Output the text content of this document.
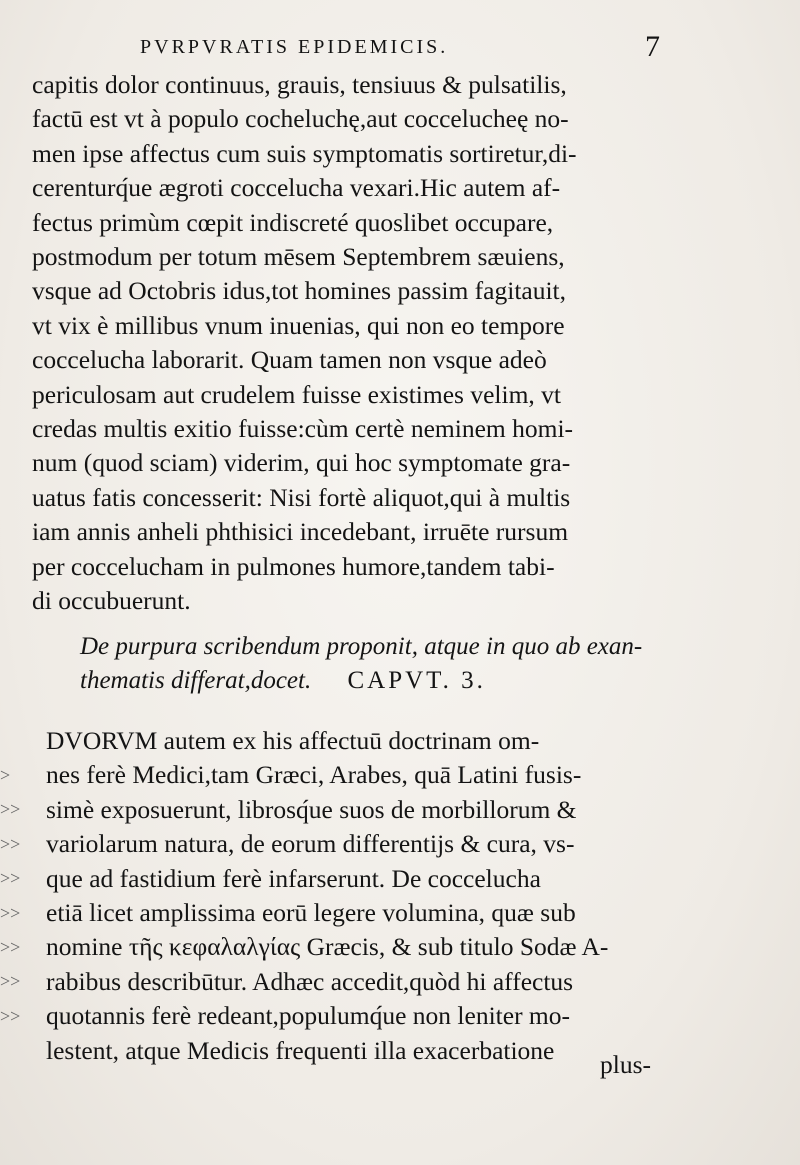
PVRPVRATIS EPIDEMICIS.	7
capitis dolor continuus, grauis, tensiuus & pulsatilis,
factū est vt à populo cocheluchę,aut coccelucheę no-
men ipse affectus cum suis symptomatis sortiretur,di-
cerenturq́ue ægroti coccelucha vexari.Hic autem af-
fectus primùm cœpit indiscreté quoslibet occupare,
postmodum per totum mēsem Septembrem sæuiens,
vsque ad Octobris idus,tot homines passim fagitauit,
vt vix è millibus vnum inuenias, qui non eo tempore
coccelucha laborarit. Quam tamen non vsque adeò
periculosam aut crudelem fuisse existimes velim, vt
credas multis exitio fuisse:cùm certè neminem homi-
num (quod sciam) viderim, qui hoc symptomate gra-
uatus fatis concesserit: Nisi fortè aliquot,qui à multis
iam annis anheli phthisici incedebant, irruēte rursum
per coccelucham in pulmones humore,tandem tabi-
di occubuerunt.
De purpura scribendum proponit, atque in quo ab exan-
thematis differat,docet. CAPVT. 3.
>
>>
>>
>>
>>
>>
>>
>>
DVORVM autem ex his affectuū doctrinam om-
nes ferè Medici,tam Græci, Arabes, quā Latini fusis-
simè exposuerunt, librosq́ue suos de morbillorum &
variolarum natura, de eorum differentijs & cura, vs-
que ad fastidium ferè infarserunt. De coccelucha
etiā licet amplissima eorū legere volumina, quæ sub
nomine τῆς κεφαλαλγίας Græcis, & sub titulo Sodæ A-
rabibus describūtur. Adhæc accedit,quòd hi affectus
quotannis ferè redeant,populumq́ue non leniter mo-
lestent, atque Medicis frequenti illa exacerbatione	plus-
